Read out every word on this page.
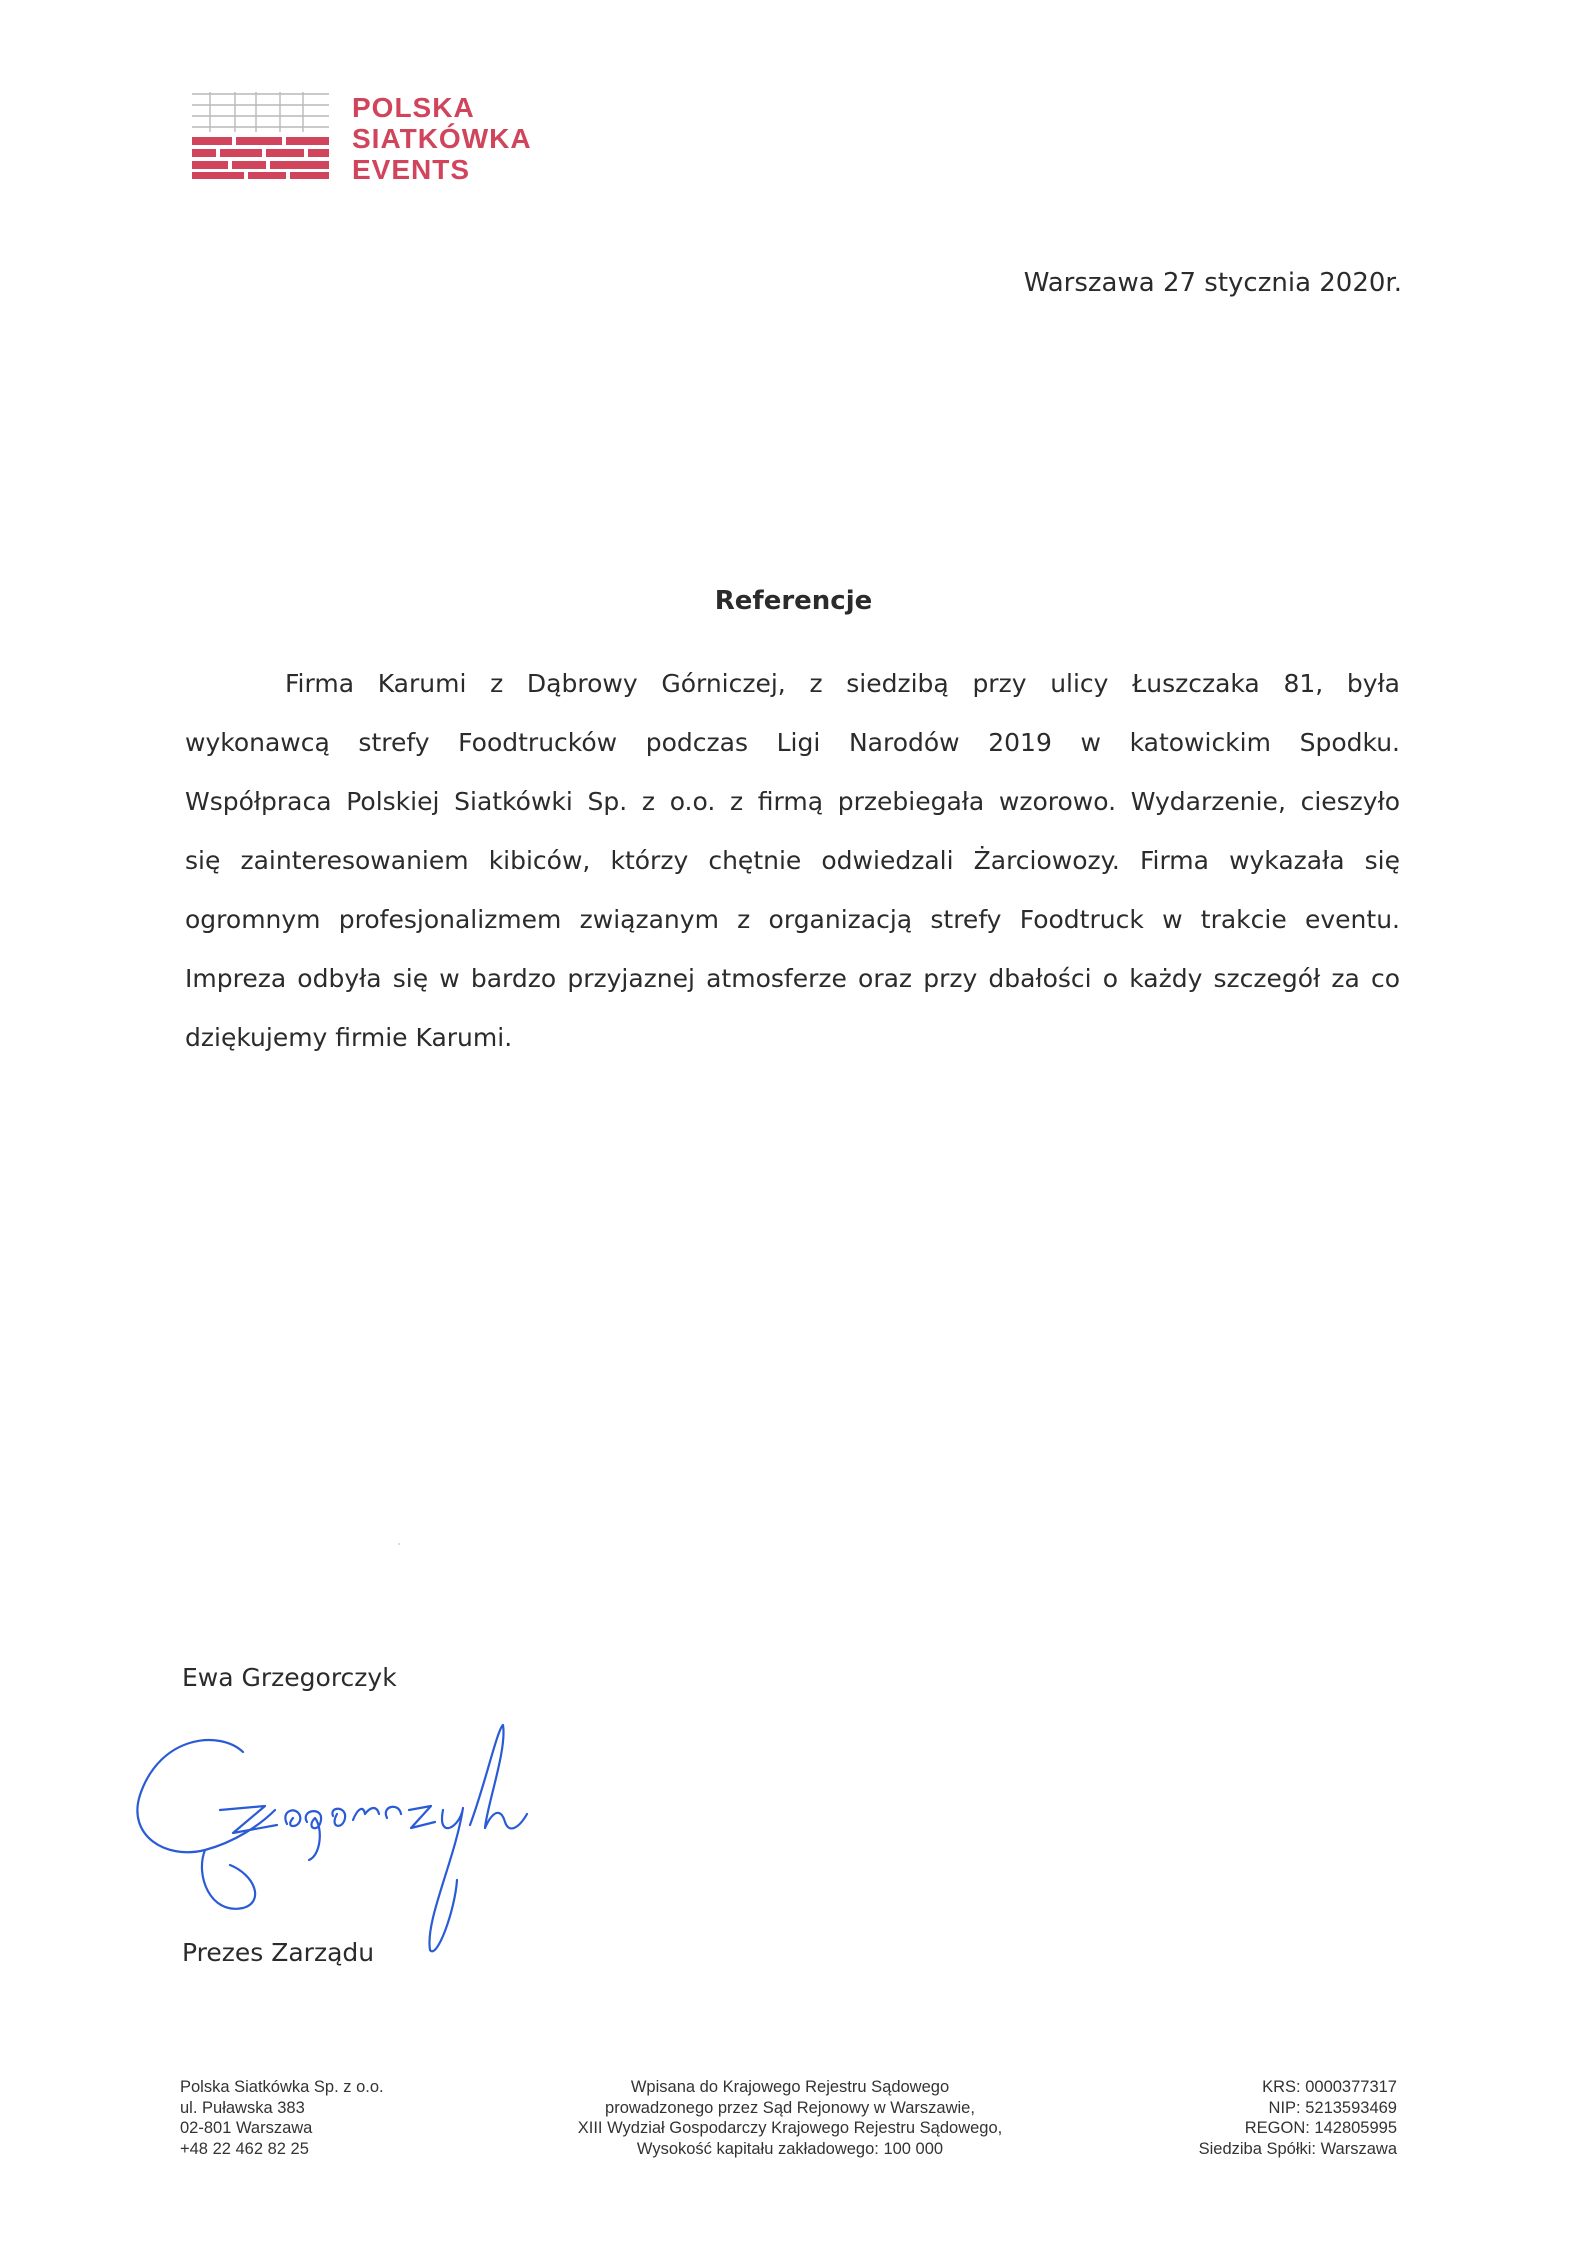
POLSKA
SIATKÓWKA
EVENTS
Warszawa 27 stycznia 2020r.
Referencje
Firma Karumi z Dąbrowy Górniczej, z siedzibą przy ulicy Łuszczaka 81, była
wykonawcą strefy Foodtrucków podczas Ligi Narodów 2019 w katowickim Spodku.
Współpraca Polskiej Siatkówki Sp. z o.o. z firmą przebiegała wzorowo. Wydarzenie, cieszyło
się zainteresowaniem kibiców, którzy chętnie odwiedzali Żarciowozy. Firma wykazała się
ogromnym profesjonalizmem związanym z organizacją strefy Foodtruck w trakcie eventu.
Impreza odbyła się w bardzo przyjaznej atmosferze oraz przy dbałości o każdy szczegół za co
dziękujemy firmie Karumi.
Ewa Grzegorczyk
Prezes Zarządu
Polska Siatkówka Sp. z o.o.
ul. Puławska 383
02-801 Warszawa
+48 22 462 82 25
Wpisana do Krajowego Rejestru Sądowego
prowadzonego przez Sąd Rejonowy w Warszawie,
XIII Wydział Gospodarczy Krajowego Rejestru Sądowego,
Wysokość kapitału zakładowego: 100 000
KRS: 0000377317
NIP: 5213593469
REGON: 142805995
Siedziba Spółki: Warszawa
